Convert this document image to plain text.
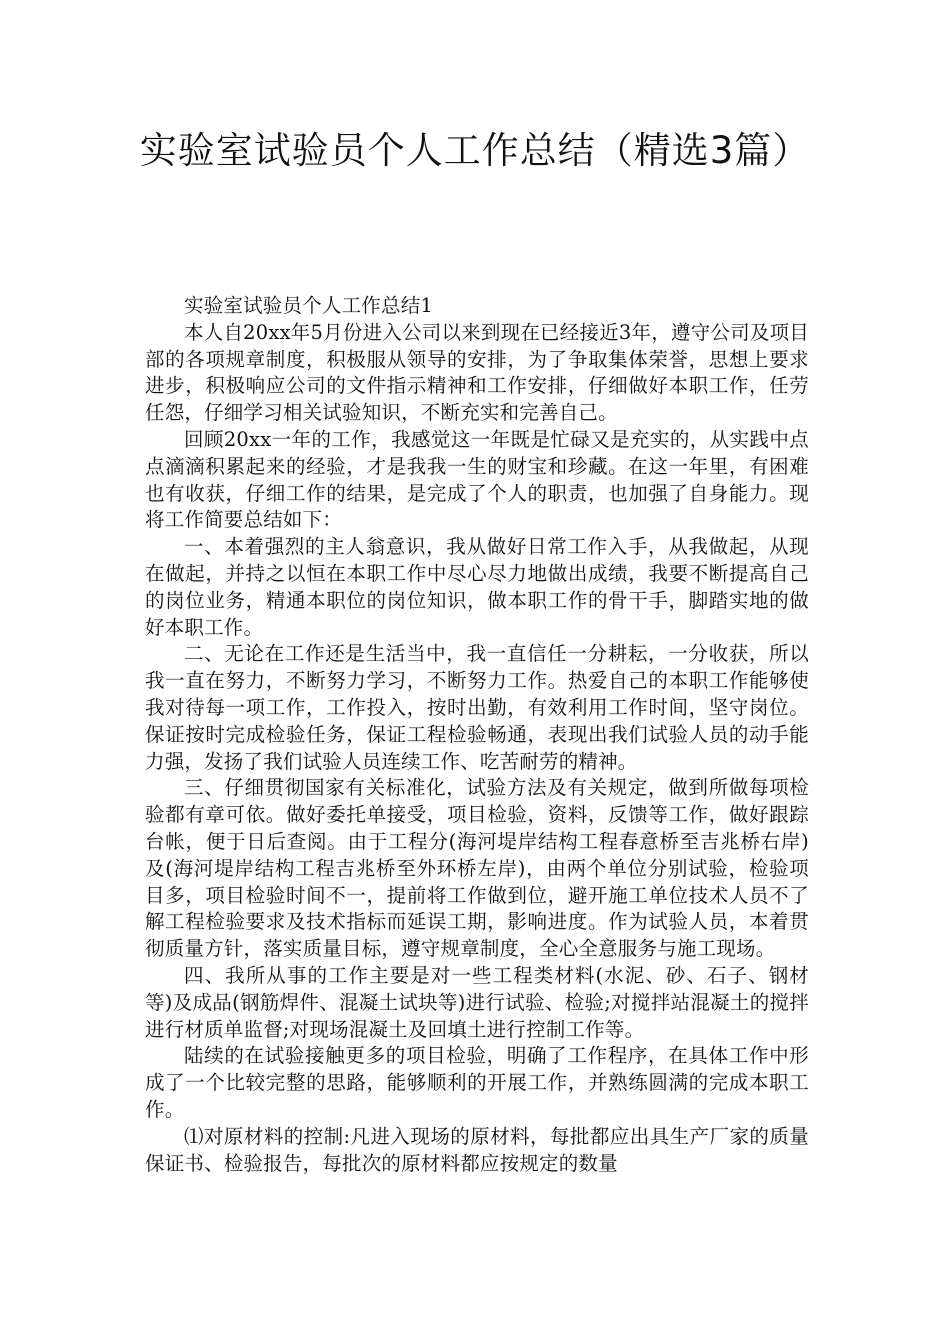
实验室试验员个人工作总结（精选3篇）

实验室试验员个人工作总结1

本人自20xx年5月份进入公司以来到现在已经接近3年，遵守公司及项目部的各项规章制度，积极服从领导的安排，为了争取集体荣誉，思想上要求进步，积极响应公司的文件指示精神和工作安排，仔细做好本职工作，任劳任怨，仔细学习相关试验知识，不断充实和完善自己。

回顾20xx一年的工作，我感觉这一年既是忙碌又是充实的，从实践中点点滴滴积累起来的经验，才是我我一生的财宝和珍藏。在这一年里，有困难也有收获，仔细工作的结果，是完成了个人的职责，也加强了自身能力。现将工作简要总结如下：

一、本着强烈的主人翁意识，我从做好日常工作入手，从我做起，从现在做起，并持之以恒在本职工作中尽心尽力地做出成绩，我要不断提高自己的岗位业务，精通本职位的岗位知识，做本职工作的骨干手，脚踏实地的做好本职工作。

二、无论在工作还是生活当中，我一直信任一分耕耘，一分收获，所以我一直在努力，不断努力学习，不断努力工作。热爱自己的本职工作能够使我对待每一项工作，工作投入，按时出勤，有效利用工作时间，坚守岗位。保证按时完成检验任务，保证工程检验畅通，表现出我们试验人员的动手能力强，发扬了我们试验人员连续工作、吃苦耐劳的精神。

三、仔细贯彻国家有关标准化，试验方法及有关规定，做到所做每项检验都有章可依。做好委托单接受，项目检验，资料，反馈等工作，做好跟踪台帐，便于日后查阅。由于工程分(海河堤岸结构工程春意桥至吉兆桥右岸)及(海河堤岸结构工程吉兆桥至外环桥左岸)，由两个单位分别试验，检验项目多，项目检验时间不一，提前将工作做到位，避开施工单位技术人员不了解工程检验要求及技术指标而延误工期，影响进度。作为试验人员，本着贯彻质量方针，落实质量目标，遵守规章制度，全心全意服务与施工现场。

四、我所从事的工作主要是对一些工程类材料(水泥、砂、石子、钢材等)及成品(钢筋焊件、混凝土试块等)进行试验、检验;对搅拌站混凝土的搅拌进行材质单监督;对现场混凝土及回填土进行控制工作等。

陆续的在试验接触更多的项目检验，明确了工作程序，在具体工作中形成了一个比较完整的思路，能够顺利的开展工作，并熟练圆满的完成本职工作。

⑴对原材料的控制:凡进入现场的原材料，每批都应出具生产厂家的质量保证书、检验报告，每批次的原材料都应按规定的数量
